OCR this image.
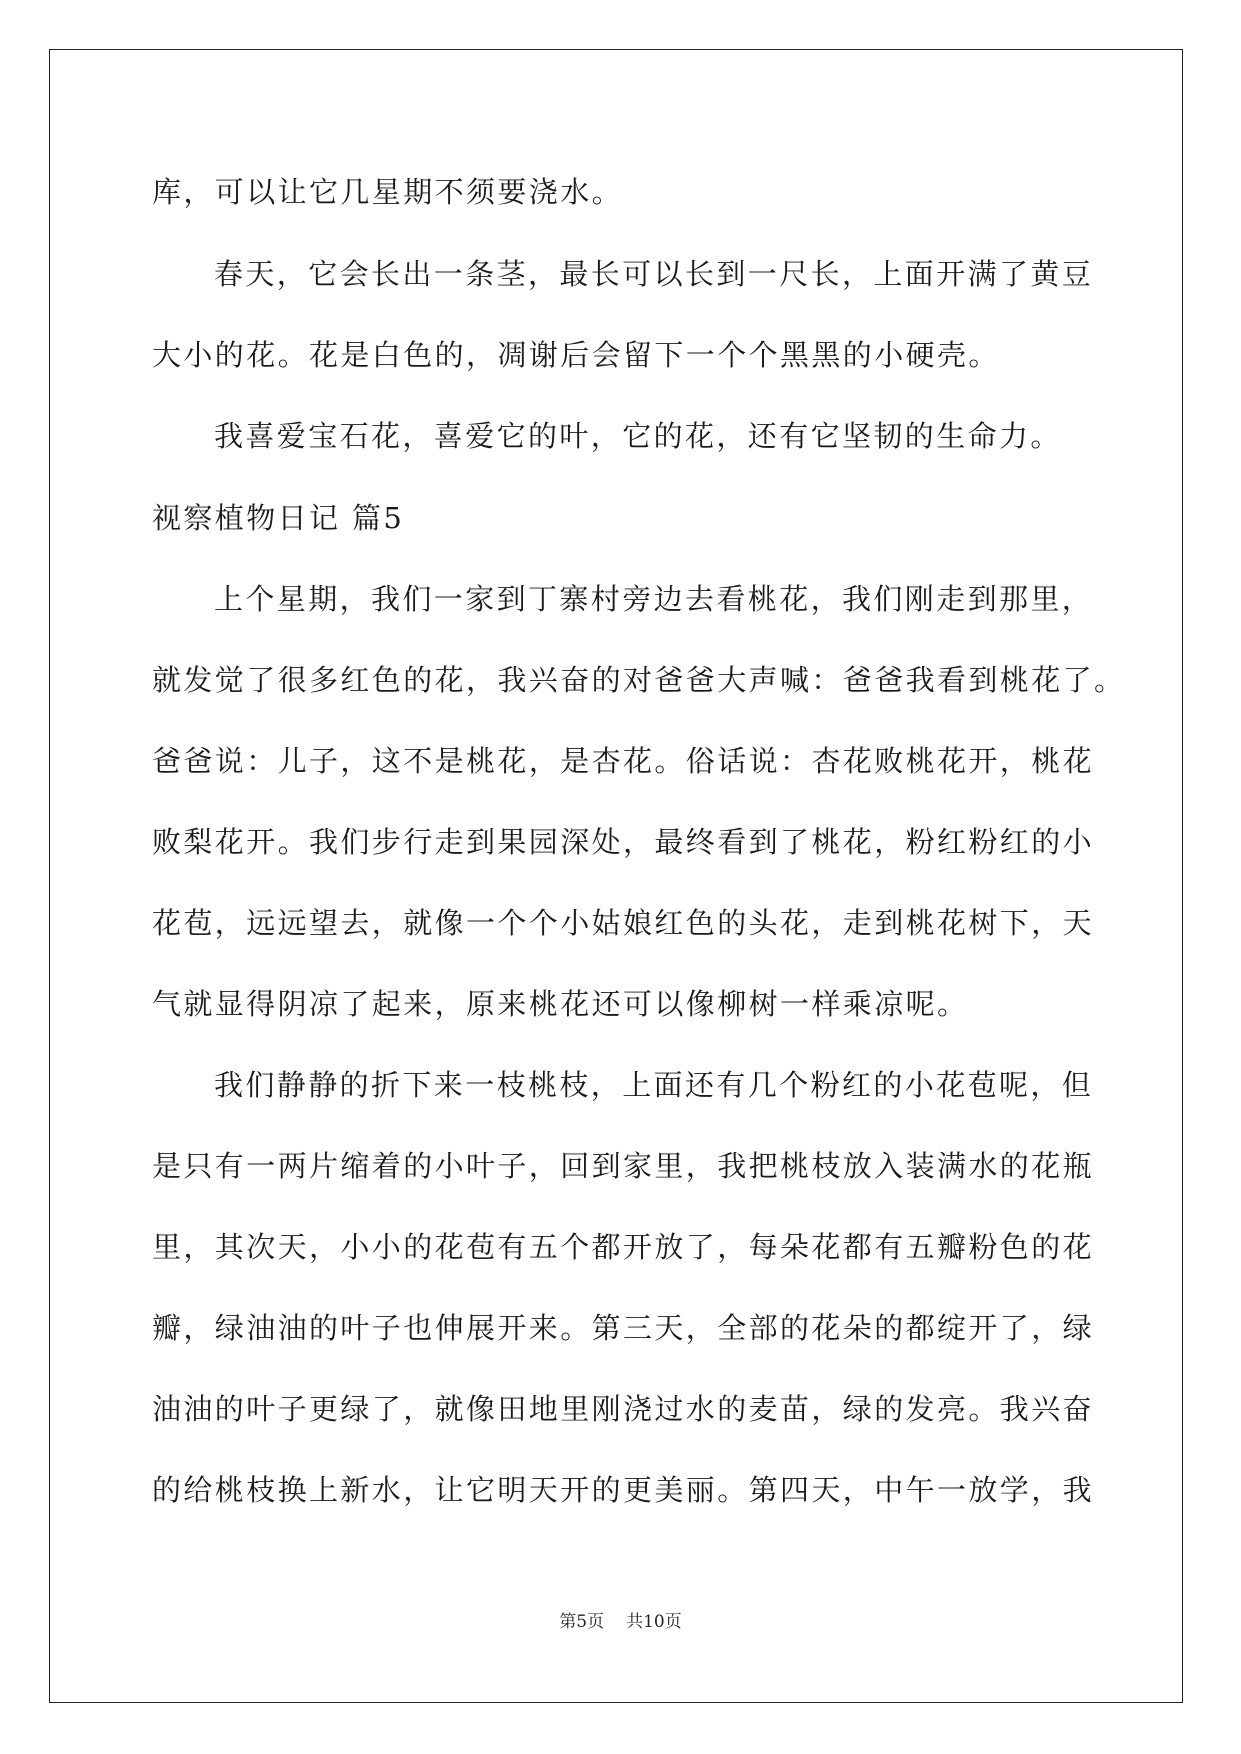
库，可以让它几星期不须要浇水。
春天，它会长出一条茎，最长可以长到一尺长，上面开满了黄豆
大小的花。花是白色的，凋谢后会留下一个个黑黑的小硬壳。
我喜爱宝石花，喜爱它的叶，它的花，还有它坚韧的生命力。
视察植物日记 篇5
上个星期，我们一家到丁寨村旁边去看桃花，我们刚走到那里，
就发觉了很多红色的花，我兴奋的对爸爸大声喊：爸爸我看到桃花了。
爸爸说：儿子，这不是桃花，是杏花。俗话说：杏花败桃花开，桃花
败梨花开。我们步行走到果园深处，最终看到了桃花，粉红粉红的小
花苞，远远望去，就像一个个小姑娘红色的头花，走到桃花树下，天
气就显得阴凉了起来，原来桃花还可以像柳树一样乘凉呢。
我们静静的折下来一枝桃枝，上面还有几个粉红的小花苞呢，但
是只有一两片缩着的小叶子，回到家里，我把桃枝放入装满水的花瓶
里，其次天，小小的花苞有五个都开放了，每朵花都有五瓣粉色的花
瓣，绿油油的叶子也伸展开来。第三天，全部的花朵的都绽开了，绿
油油的叶子更绿了，就像田地里刚浇过水的麦苗，绿的发亮。我兴奋
的给桃枝换上新水，让它明天开的更美丽。第四天，中午一放学，我
第5页 共10页
